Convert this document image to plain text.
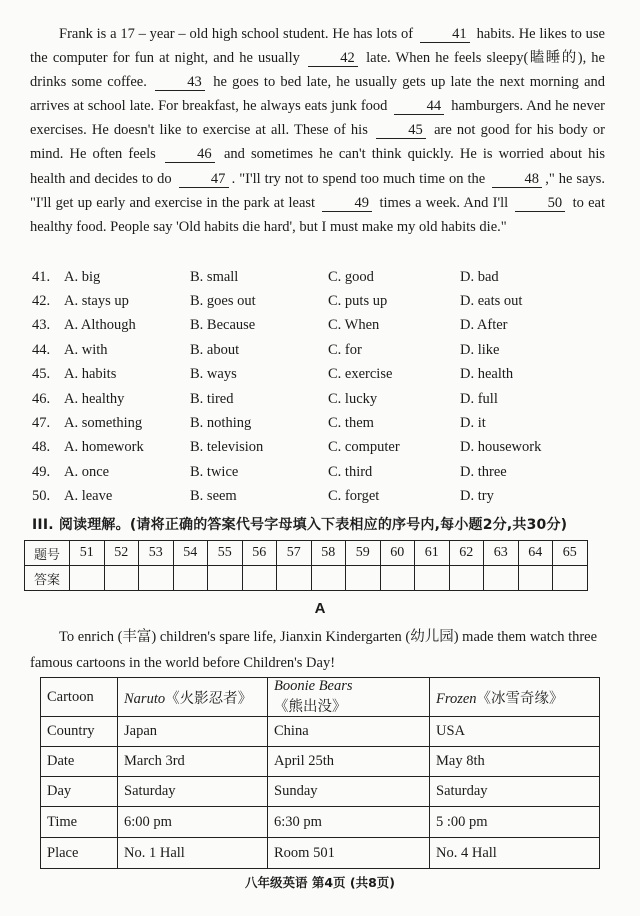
Frank is a 17 – year – old high school student. He has lots of 41 habits. He likes to use the computer for fun at night, and he usually 42 late. When he feels sleepy(瞌睡的), he drinks some coffee. 43 he goes to bed late, he usually gets up late the next morning and arrives at school late. For breakfast, he always eats junk food 44 hamburgers. And he never exercises. He doesn't like to exercise at all. These of his 45 are not good for his body or mind. He often feels 46 and sometimes he can't think quickly. He is worried about his health and decides to do 47 . "I'll try not to spend too much time on the 48 ," he says. "I'll get up early and exercise in the park at least 49 times a week. And I'll 50 to eat healthy food. People say 'Old habits die hard', but I must make my old habits die."

41. A. big	B. small	C. good	D. bad
42. A. stays up	B. goes out	C. puts up	D. eats out
43. A. Although	B. Because	C. When	D. After
44. A. with	B. about	C. for	D. like
45. A. habits	B. ways	C. exercise	D. health
46. A. healthy	B. tired	C. lucky	D. full
47. A. something	B. nothing	C. them	D. it
48. A. homework	B. television	C. computer	D. housework
49. A. once	B. twice	C. third	D. three
50. A. leave	B. seem	C. forget	D. try
III. 阅读理解。(请将正确的答案代号字母填入下表相应的序号内,每小题2分,共30分)
题号	51	52	53	54	55	56	57	58	59	60	61	62	63	64	65
答案															
A

To enrich (丰富) children's spare life, Jianxin Kindergarten (幼儿园) made them watch three famous cartoons in the world before Children's Day!

Cartoon	Naruto《火影忍者》	Boonie Bears《熊出没》	Frozen《冰雪奇缘》
Country	Japan	China	USA
Date	March 3rd	April 25th	May 8th
Day	Saturday	Sunday	Saturday
Time	6:00 pm	6:30 pm	5 :00 pm
Place	No. 1 Hall	Room 501	No. 4 Hall
八年级英语 第4页 (共8页)
